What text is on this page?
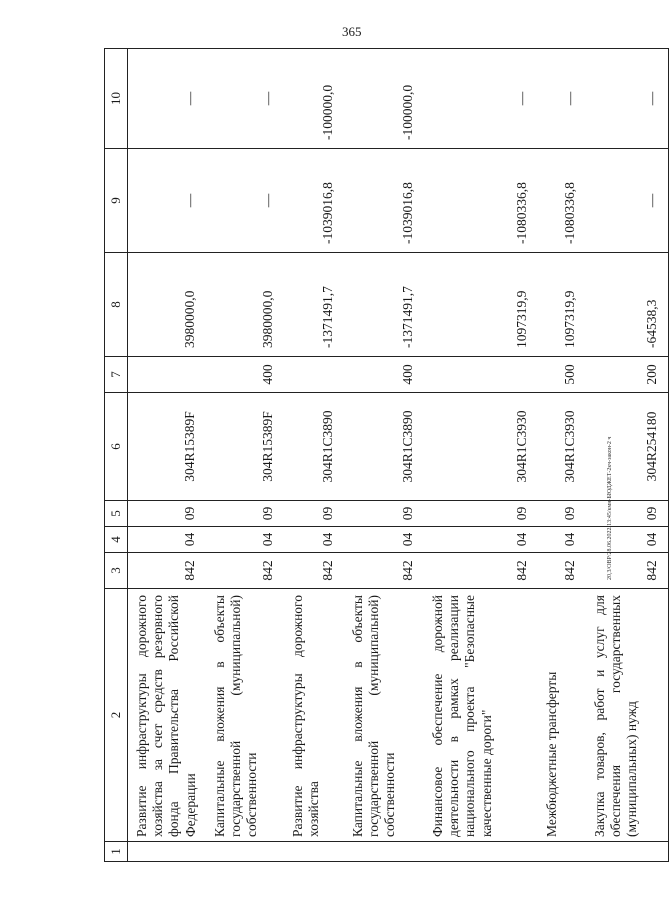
365
20,3/ОВР/28.06.2022/13:45/кмн-БЮДЖЕТ-2кч-закон-2 ч
1	2	3	4	5	6	7	8	9	10
	Развитие инфраструктуры дорожного хозяйства за счет средств резервного фонда Правительства Российской Федерации	842	04	09	304R15389F		3980000,0	—	—
	Капитальные вложения в объекты государственной (муниципальной) собственности	842	04	09	304R15389F	400	3980000,0	—	—
	Развитие инфраструктуры дорожного хозяйства	842	04	09	304R1C3890		-1371491,7	-1039016,8	-100000,0
	Капитальные вложения в объекты государственной (муниципальной) собственности	842	04	09	304R1C3890	400	-1371491,7	-1039016,8	-100000,0
	Финансовое обеспечение дорожной деятельности в рамках реализации национального проекта "Безопасные качественные дороги"	842	04	09	304R1C3930		1097319,9	-1080336,8	—
	Межбюджетные трансферты	842	04	09	304R1C3930	500	1097319,9	-1080336,8	—
	Закупка товаров, работ и услуг для обеспечения государственных (муниципальных) нужд	842	04	09	304R254180	200	-64538,3	—	—
